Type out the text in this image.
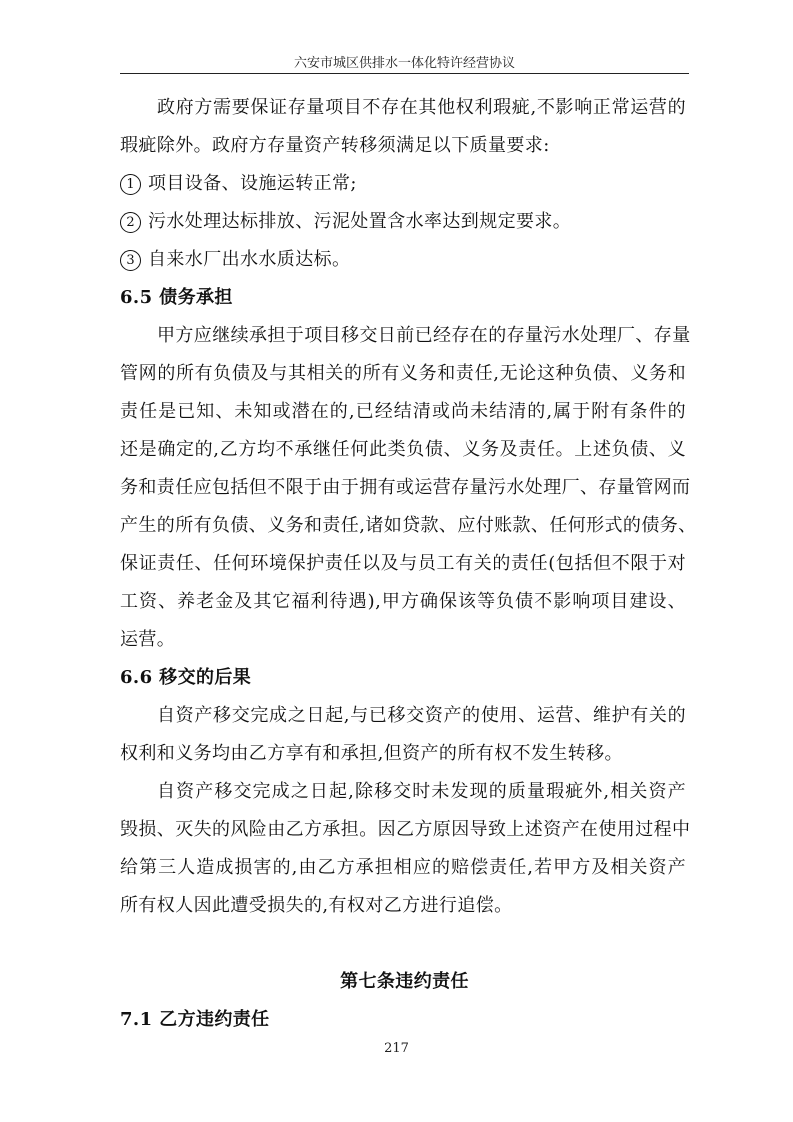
六安市城区供排水一体化特许经营协议
政府方需要保证存量项目不存在其他权利瑕疵,不影响正常运营的
瑕疵除外。政府方存量资产转移须满足以下质量要求:
1 项目设备、设施运转正常;
2 污水处理达标排放、污泥处置含水率达到规定要求。
3 自来水厂出水水质达标。
6.5 债务承担
甲方应继续承担于项目移交日前已经存在的存量污水处理厂、存量
管网的所有负债及与其相关的所有义务和责任,无论这种负债、义务和
责任是已知、未知或潜在的,已经结清或尚未结清的,属于附有条件的
还是确定的,乙方均不承继任何此类负债、义务及责任。上述负债、义
务和责任应包括但不限于由于拥有或运营存量污水处理厂、存量管网而
产生的所有负债、义务和责任,诸如贷款、应付账款、任何形式的债务、
保证责任、任何环境保护责任以及与员工有关的责任(包括但不限于对
工资、养老金及其它福利待遇),甲方确保该等负债不影响项目建设、
运营。
6.6 移交的后果
自资产移交完成之日起,与已移交资产的使用、运营、维护有关的
权利和义务均由乙方享有和承担,但资产的所有权不发生转移。
自资产移交完成之日起,除移交时未发现的质量瑕疵外,相关资产
毁损、灭失的风险由乙方承担。因乙方原因导致上述资产在使用过程中
给第三人造成损害的,由乙方承担相应的赔偿责任,若甲方及相关资产
所有权人因此遭受损失的,有权对乙方进行追偿。
第七条违约责任
7.1 乙方违约责任
217
